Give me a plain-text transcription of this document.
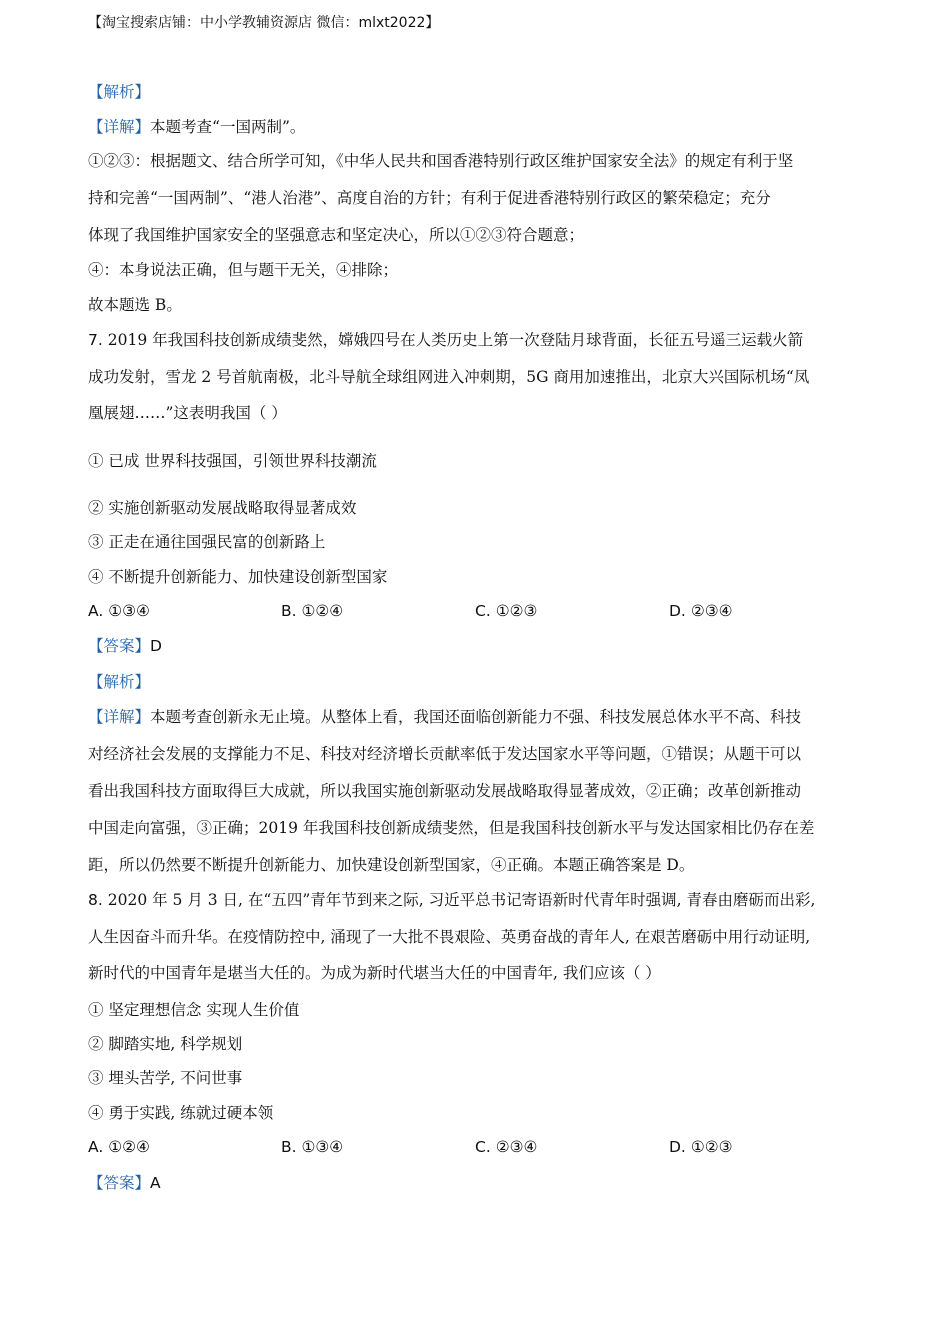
【淘宝搜索店铺：中小学教辅资源店 微信：mlxt2022】
【解析】
【详解】本题考查“一国两制”。
①②③：根据题文、结合所学可知，《中华人民共和国香港特别行政区维护国家安全法》的规定有利于坚
持和完善“一国两制”、“港人治港”、高度自治的方针；有利于促进香港特别行政区的繁荣稳定；充分
体现了我国维护国家安全的坚强意志和坚定决心，所以①②③符合题意；
④：本身说法正确，但与题干无关，④排除；
故本题选 B。
7. 2019 年我国科技创新成绩斐然，嫦娥四号在人类历史上第一次登陆月球背面，长征五号遥三运载火箭
成功发射，雪龙 2 号首航南极，北斗导航全球组网进入冲刺期，5G 商用加速推出，北京大兴国际机场“凤
凰展翅……”这表明我国（ ）
① 已成 世界科技强国，引领世界科技潮流
② 实施创新驱动发展战略取得显著成效
③ 正走在通往国强民富的创新路上
④ 不断提升创新能力、加快建设创新型国家
A. ①③④	B. ①②④	C. ①②③	D. ②③④
【答案】D
【解析】
【详解】本题考查创新永无止境。从整体上看，我国还面临创新能力不强、科技发展总体水平不高、科技
对经济社会发展的支撑能力不足、科技对经济增长贡献率低于发达国家水平等问题，①错误；从题干可以
看出我国科技方面取得巨大成就，所以我国实施创新驱动发展战略取得显著成效，②正确；改革创新推动
中国走向富强，③正确；2019 年我国科技创新成绩斐然，但是我国科技创新水平与发达国家相比仍存在差
距，所以仍然要不断提升创新能力、加快建设创新型国家，④正确。本题正确答案是 D。
8. 2020 年 5 月 3 日, 在“五四”青年节到来之际, 习近平总书记寄语新时代青年时强调, 青春由磨砺而出彩,
人生因奋斗而升华。在疫情防控中, 涌现了一大批不畏艰险、英勇奋战的青年人, 在艰苦磨砺中用行动证明,
新时代的中国青年是堪当大任的。为成为新时代堪当大任的中国青年, 我们应该（ ）
① 坚定理想信念 实现人生价值
② 脚踏实地, 科学规划
③ 埋头苦学, 不问世事
④ 勇于实践, 练就过硬本领
A. ①②④	B. ①③④	C. ②③④	D. ①②③
【答案】A
